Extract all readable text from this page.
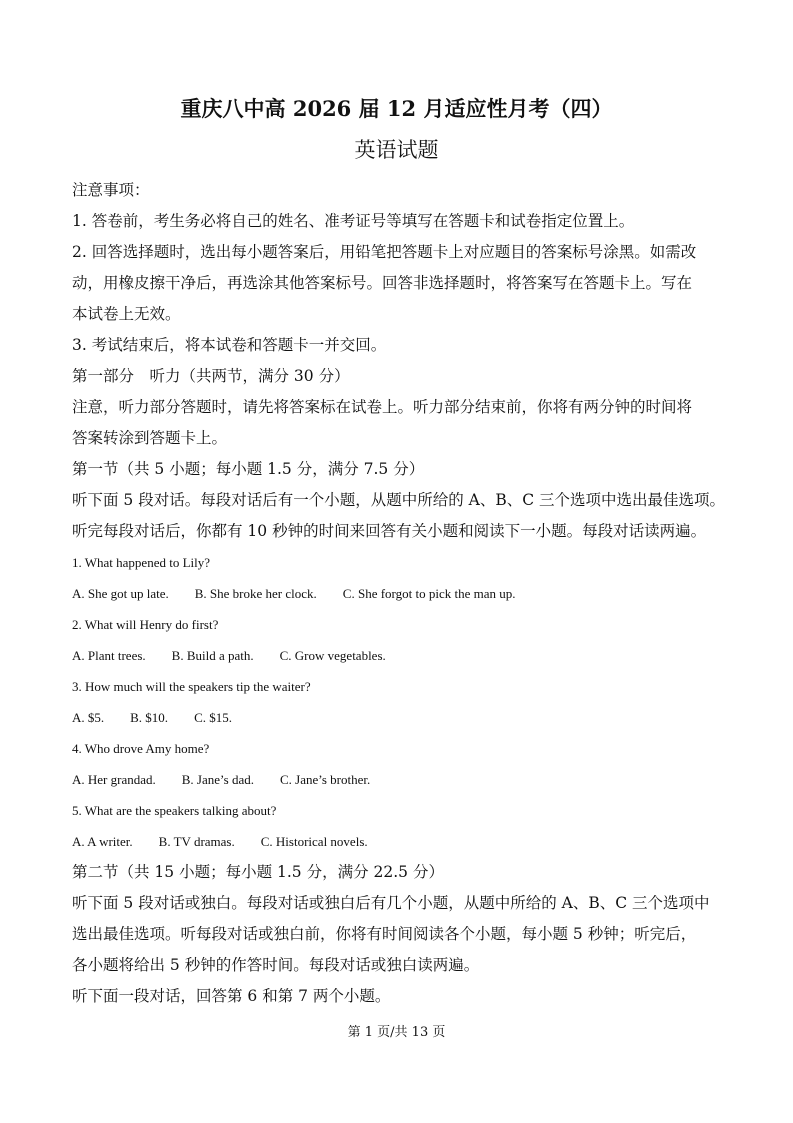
重庆八中高 2026 届 12 月适应性月考（四）
英语试题

注意事项：

1. 答卷前，考生务必将自己的姓名、准考证号等填写在答题卡和试卷指定位置上。

2. 回答选择题时，选出每小题答案后，用铅笔把答题卡上对应题目的答案标号涂黑。如需改

动，用橡皮擦干净后，再选涂其他答案标号。回答非选择题时，将答案写在答题卡上。写在

本试卷上无效。

3. 考试结束后，将本试卷和答题卡一并交回。

第一部分　听力（共两节，满分 30 分）

注意，听力部分答题时，请先将答案标在试卷上。听力部分结束前，你将有两分钟的时间将

答案转涂到答题卡上。

第一节（共 5 小题；每小题 1.5 分，满分 7.5 分）

听下面 5 段对话。每段对话后有一个小题，从题中所给的 A、B、C 三个选项中选出最佳选项。

听完每段对话后，你都有 10 秒钟的时间来回答有关小题和阅读下一小题。每段对话读两遍。

1. What happened to Lily?

A. She got up late. B. She broke her clock. C. She forgot to pick the man up.

2. What will Henry do first?

A. Plant trees. B. Build a path. C. Grow vegetables.

3. How much will the speakers tip the waiter?

A. $5. B. $10. C. $15.

4. Who drove Amy home?

A. Her grandad. B. Jane’s dad. C. Jane’s brother.

5. What are the speakers talking about?

A. A writer. B. TV dramas. C. Historical novels.

第二节（共 15 小题；每小题 1.5 分，满分 22.5 分）

听下面 5 段对话或独白。每段对话或独白后有几个小题，从题中所给的 A、B、C 三个选项中

选出最佳选项。听每段对话或独白前，你将有时间阅读各个小题，每小题 5 秒钟；听完后，

各小题将给出 5 秒钟的作答时间。每段对话或独白读两遍。

听下面一段对话，回答第 6 和第 7 两个小题。

第 1 页/共 13 页
